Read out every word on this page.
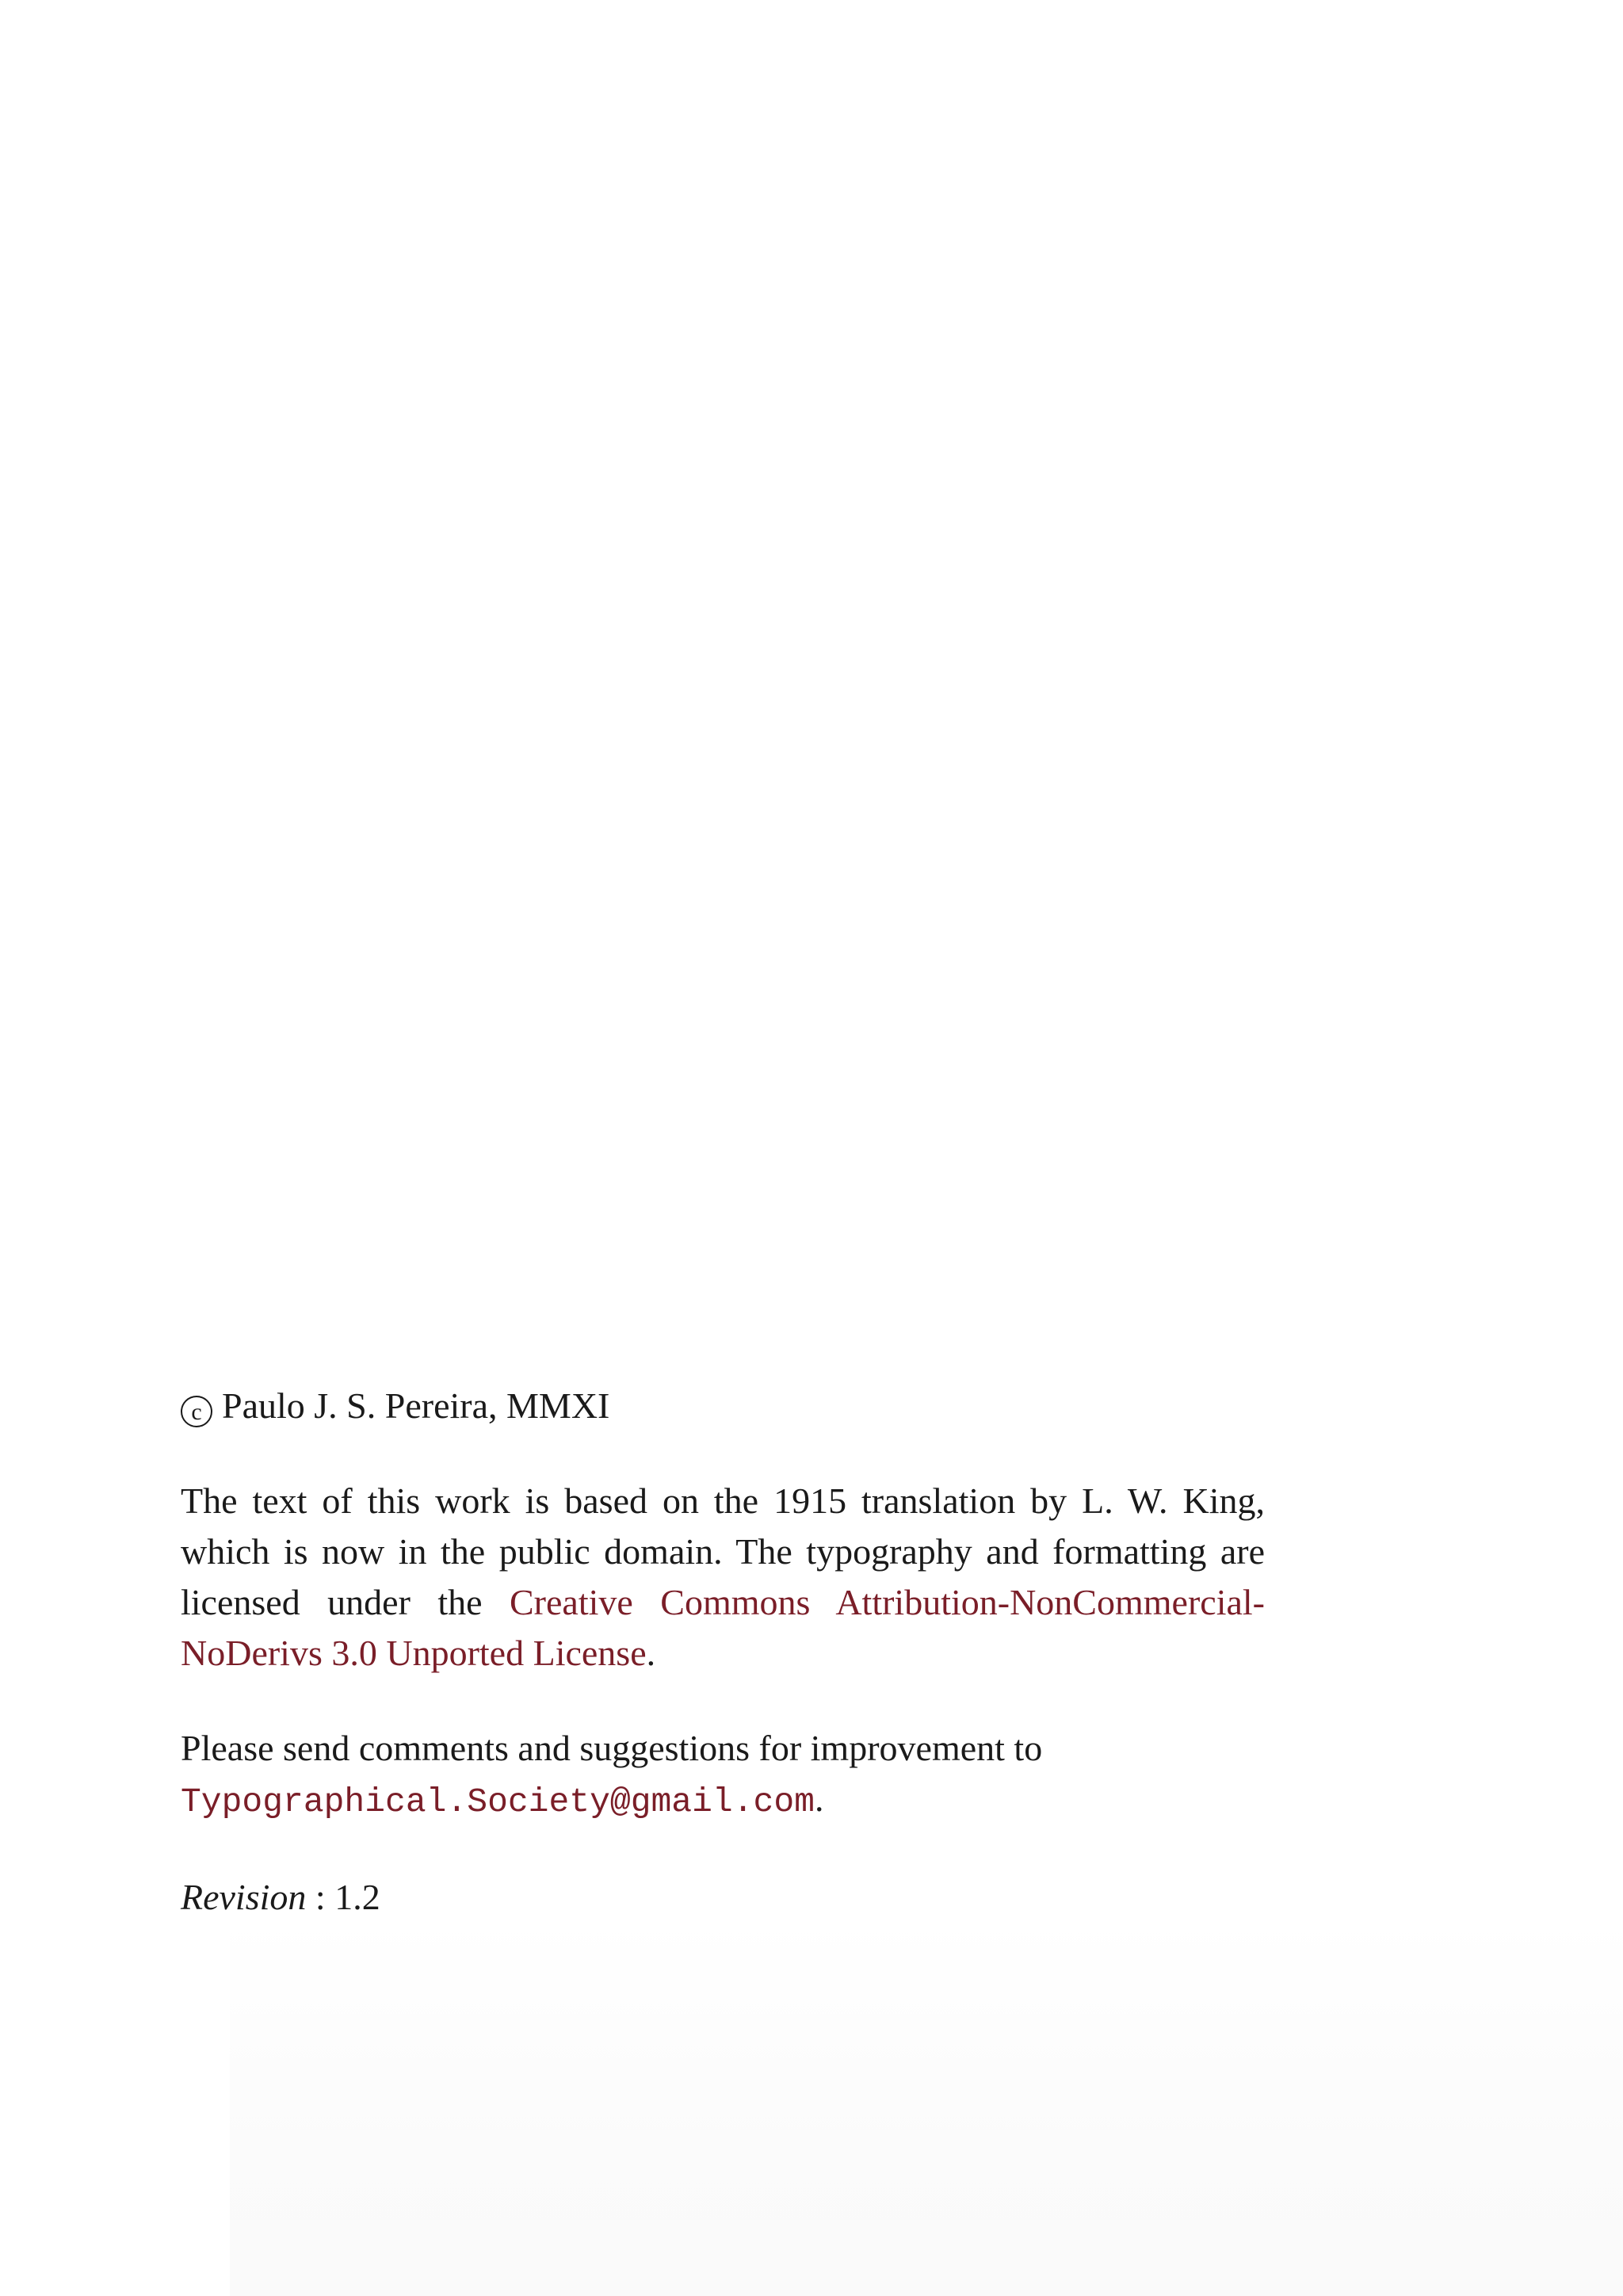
c Paulo J. S. Pereira, MMXI

The text of this work is based on the 1915 translation by L. W. King, which is now in the public domain. The typography and formatting are licensed under the Creative Commons Attribution-NonCommercial-NoDerivs 3.0 Unported License.

Please send comments and suggestions for improvement to Typographical.Society@gmail.com.

Revision : 1.2
